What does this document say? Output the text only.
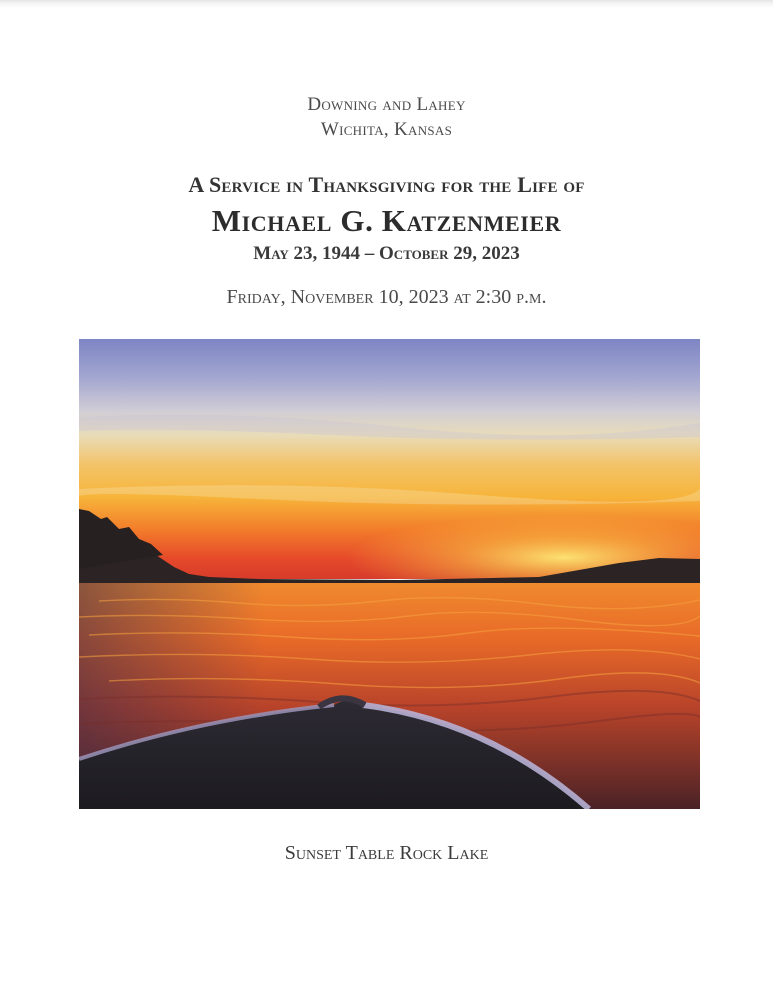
Downing and Lahey
Wichita, Kansas
A Service in Thanksgiving for the Life of
Michael G. Katzenmeier
May 23, 1944 – October 29, 2023
Friday, November 10, 2023 at 2:30 p.m.
Sunset Table Rock Lake
